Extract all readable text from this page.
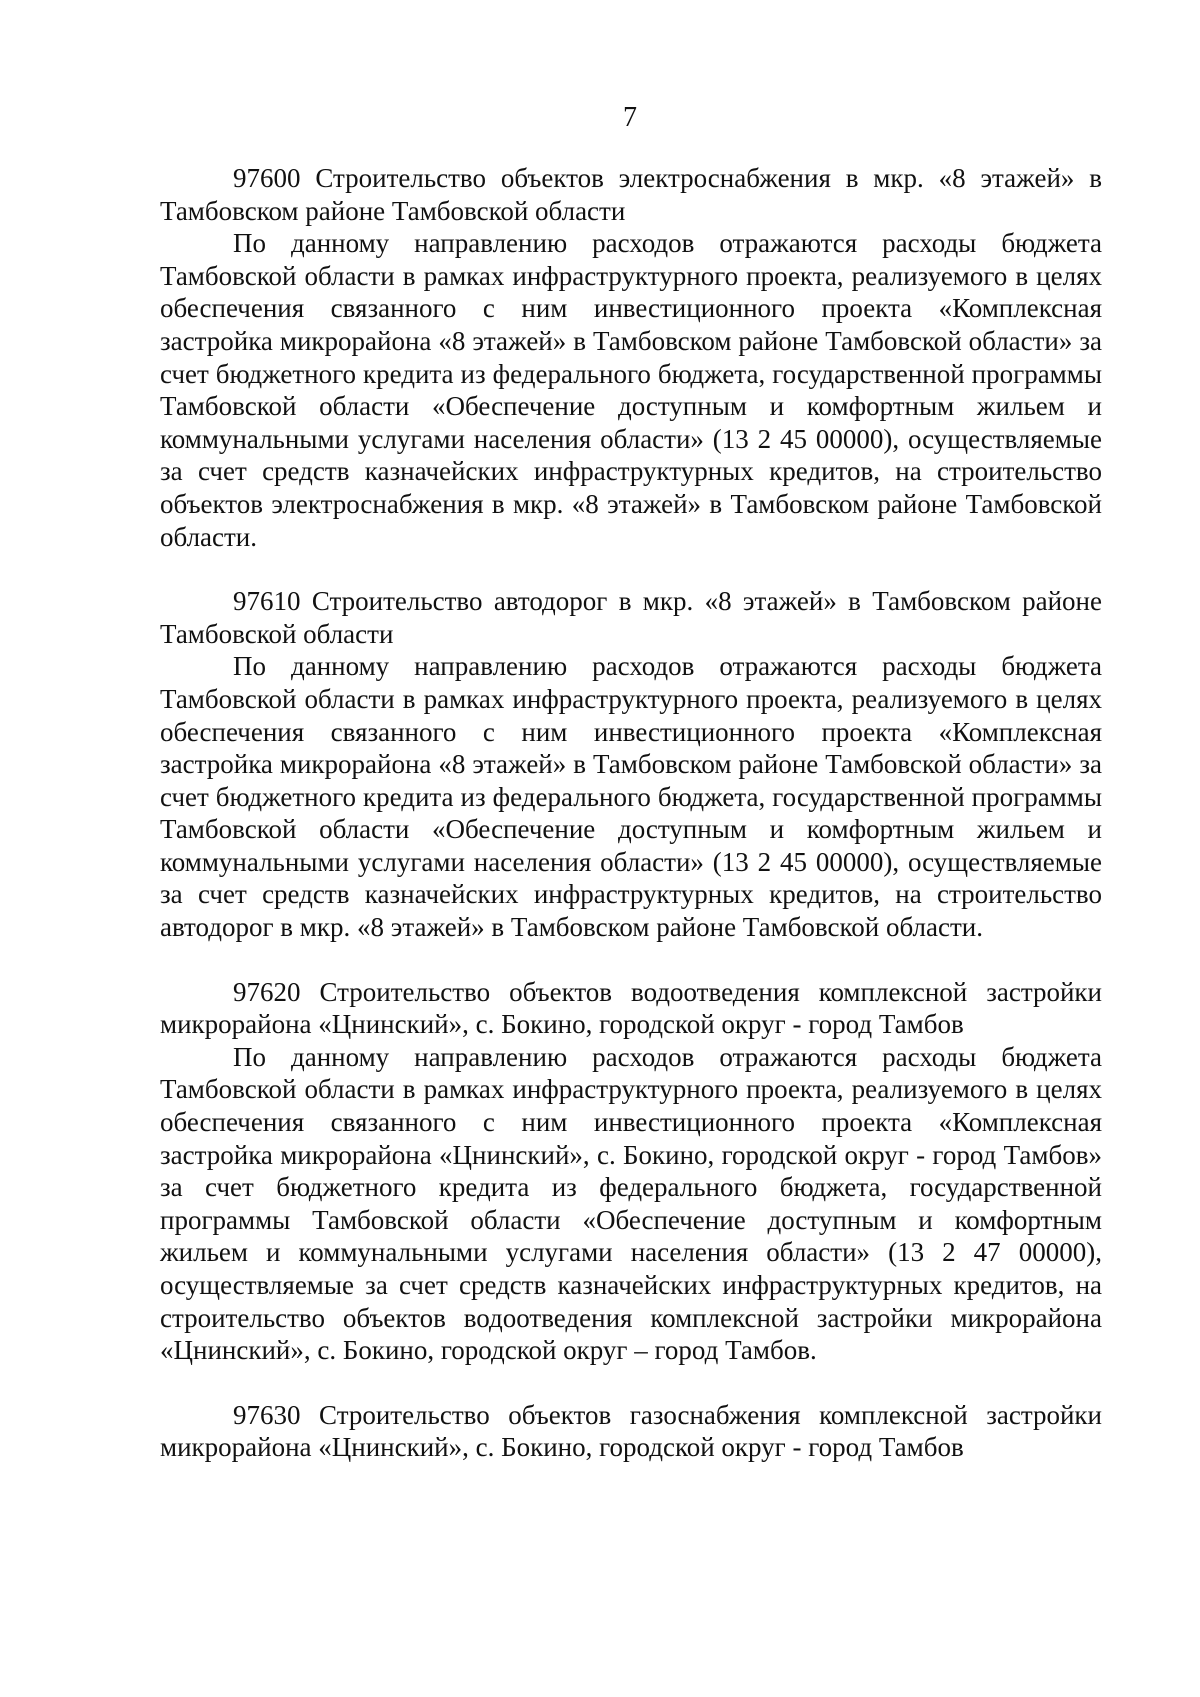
7

97600 Строительство объектов электроснабжения в мкр. «8 этажей» в Тамбовском районе Тамбовской области

По данному направлению расходов отражаются расходы бюджета Тамбовской области в рамках инфраструктурного проекта, реализуемого в целях обеспечения связанного с ним инвестиционного проекта «Комплексная застройка микрорайона «8 этажей» в Тамбовском районе Тамбовской области» за счет бюджетного кредита из федерального бюджета, государственной программы Тамбовской области «Обеспечение доступным и комфортным жильем и коммунальными услугами населения области» (13 2 45 00000), осуществляемые за счет средств казначейских инфраструктурных кредитов, на строительство объектов электроснабжения в мкр. «8 этажей» в Тамбовском районе Тамбовской области.

97610 Строительство автодорог в мкр. «8 этажей» в Тамбовском районе Тамбовской области

По данному направлению расходов отражаются расходы бюджета Тамбовской области в рамках инфраструктурного проекта, реализуемого в целях обеспечения связанного с ним инвестиционного проекта «Комплексная застройка микрорайона «8 этажей» в Тамбовском районе Тамбовской области» за счет бюджетного кредита из федерального бюджета, государственной программы Тамбовской области «Обеспечение доступным и комфортным жильем и коммунальными услугами населения области» (13 2 45 00000), осуществляемые за счет средств казначейских инфраструктурных кредитов, на строительство автодорог в мкр. «8 этажей» в Тамбовском районе Тамбовской области.

97620 Строительство объектов водоотведения комплексной застройки микрорайона «Цнинский», с. Бокино, городской округ - город Тамбов

По данному направлению расходов отражаются расходы бюджета Тамбовской области в рамках инфраструктурного проекта, реализуемого в целях обеспечения связанного с ним инвестиционного проекта «Комплексная застройка микрорайона «Цнинский», с. Бокино, городской округ - город Тамбов» за счет бюджетного кредита из федерального бюджета, государственной программы Тамбовской области «Обеспечение доступным и комфортным жильем и коммунальными услугами населения области» (13 2 47 00000), осуществляемые за счет средств казначейских инфраструктурных кредитов, на строительство объектов водоотведения комплексной застройки микрорайона «Цнинский», с. Бокино, городской округ – город Тамбов.

97630 Строительство объектов газоснабжения комплексной застройки микрорайона «Цнинский», с. Бокино, городской округ - город Тамбов
